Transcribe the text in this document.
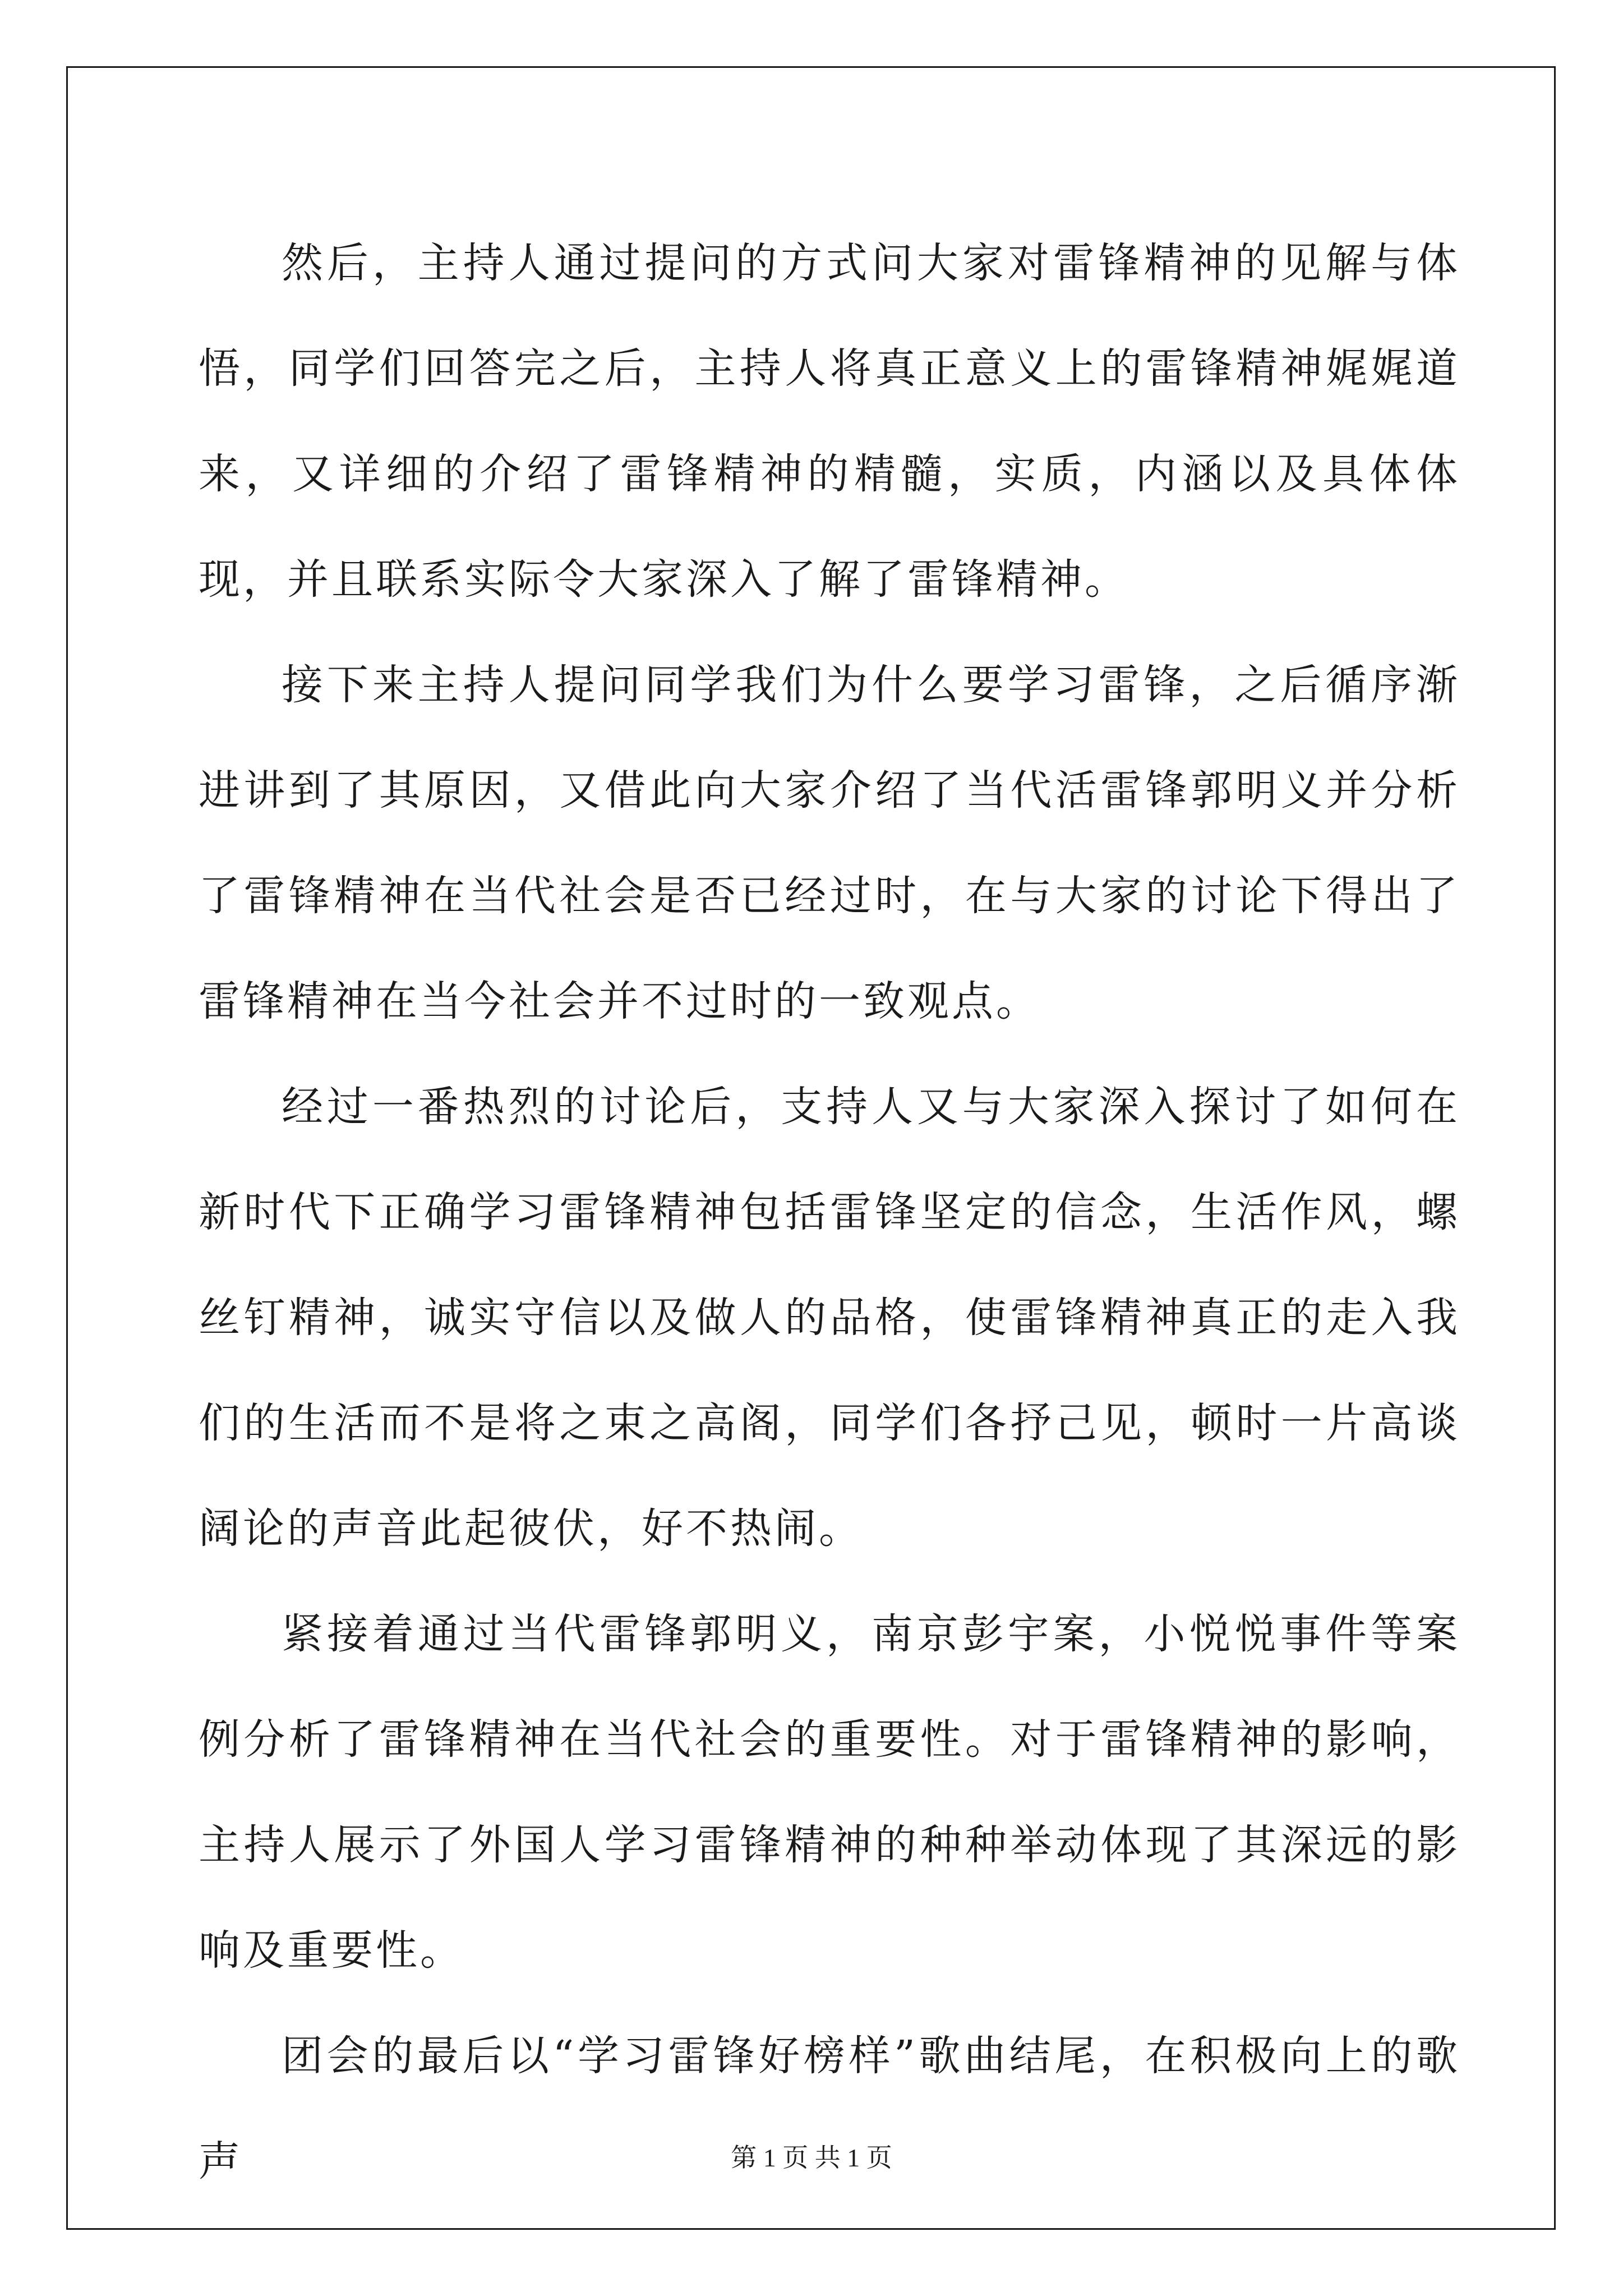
然后，主持人通过提问的方式问大家对雷锋精神的见解与体悟，同学们回答完之后，主持人将真正意义上的雷锋精神娓娓道来，又详细的介绍了雷锋精神的精髓，实质，内涵以及具体体现，并且联系实际令大家深入了解了雷锋精神。

接下来主持人提问同学我们为什么要学习雷锋，之后循序渐进讲到了其原因，又借此向大家介绍了当代活雷锋郭明义并分析了雷锋精神在当代社会是否已经过时，在与大家的讨论下得出了雷锋精神在当今社会并不过时的一致观点。

经过一番热烈的讨论后，支持人又与大家深入探讨了如何在新时代下正确学习雷锋精神包括雷锋坚定的信念，生活作风，螺丝钉精神，诚实守信以及做人的品格，使雷锋精神真正的走入我们的生活而不是将之束之高阁，同学们各抒己见，顿时一片高谈阔论的声音此起彼伏，好不热闹。

紧接着通过当代雷锋郭明义，南京彭宇案，小悦悦事件等案例分析了雷锋精神在当代社会的重要性。对于雷锋精神的影响，主持人展示了外国人学习雷锋精神的种种举动体现了其深远的影响及重要性。

团会的最后以“学习雷锋好榜样”歌曲结尾，在积极向上的歌声	第 1 页 共 1 页
